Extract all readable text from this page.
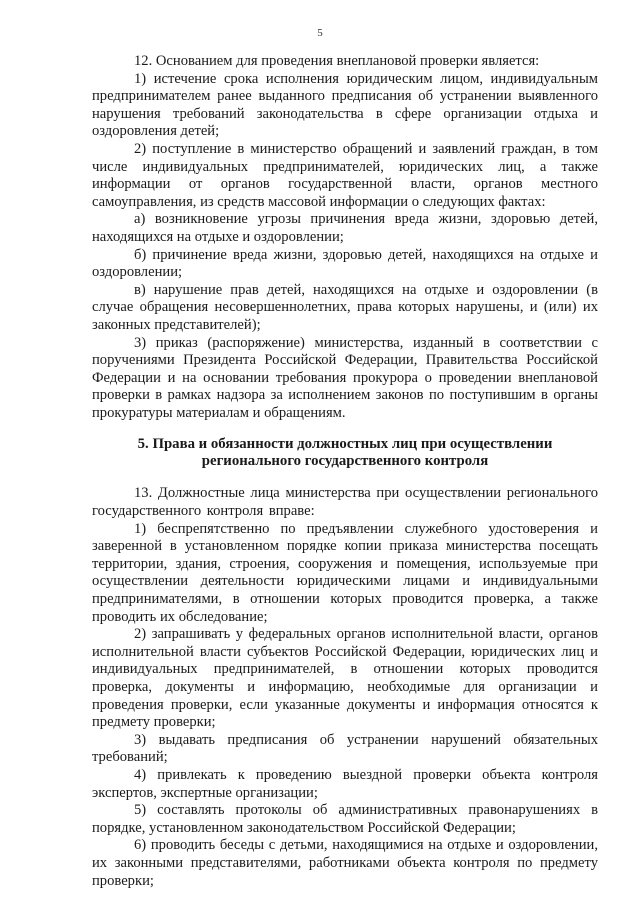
5

12. Основанием для проведения внеплановой проверки является:

1) истечение срока исполнения юридическим лицом, индивидуальным предпринимателем ранее выданного предписания об устранении выявленного нарушения требований законодательства в сфере организации отдыха и оздоровления детей;

2) поступление в министерство обращений и заявлений граждан, в том числе индивидуальных предпринимателей, юридических лиц, а также информации от органов государственной власти, органов местного самоуправления, из средств массовой информации о следующих фактах:

а) возникновение угрозы причинения вреда жизни, здоровью детей, находящихся на отдыхе и оздоровлении;

б) причинение вреда жизни, здоровью детей, находящихся на отдыхе и оздоровлении;

в) нарушение прав детей, находящихся на отдыхе и оздоровлении (в случае обращения несовершеннолетних, права которых нарушены, и (или) их законных представителей);

3) приказ (распоряжение) министерства, изданный в соответствии с поручениями Президента Российской Федерации, Правительства Российской Федерации и на основании требования прокурора о проведении внеплановой проверки в рамках надзора за исполнением законов по поступившим в органы прокуратуры материалам и обращениям.

5. Права и обязанности должностных лиц при осуществлении
регионального государственного контроля

13. Должностные лица министерства при осуществлении регионального государственного контроля вправе:

1) беспрепятственно по предъявлении служебного удостоверения и заверенной в установленном порядке копии приказа министерства посещать территории, здания, строения, сооружения и помещения, используемые при осуществлении деятельности юридическими лицами и индивидуальными предпринимателями, в отношении которых проводится проверка, а также проводить их обследование;

2) запрашивать у федеральных органов исполнительной власти, органов исполнительной власти субъектов Российской Федерации, юридических лиц и индивидуальных предпринимателей, в отношении которых проводится проверка, документы и информацию, необходимые для организации и проведения проверки, если указанные документы и информация относятся к предмету проверки;

3) выдавать предписания об устранении нарушений обязательных требований;

4) привлекать к проведению выездной проверки объекта контроля экспертов, экспертные организации;

5) составлять протоколы об административных правонарушениях в порядке, установленном законодательством Российской Федерации;

6) проводить беседы с детьми, находящимися на отдыхе и оздоровлении, их законными представителями, работниками объекта контроля по предмету проверки;
